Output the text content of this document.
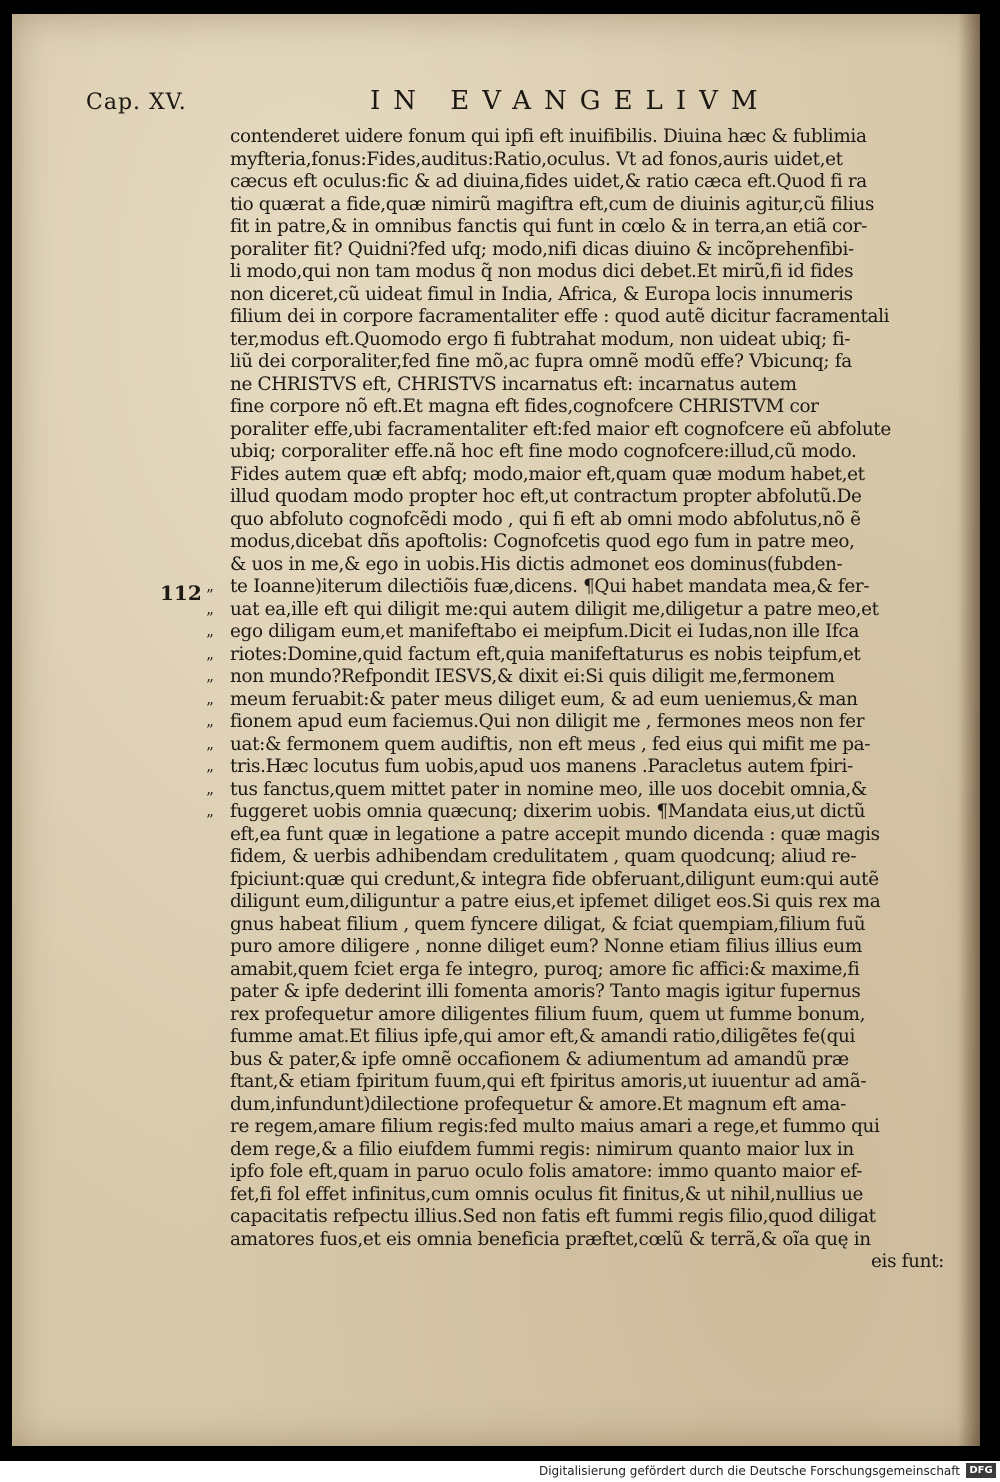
Cap. XV.	IN EVANGELIVM
112 ”
”
”
”
”
”
”
”
”
”
”
contenderet uidere fonum qui ipfi eft inuifibilis. Diuina hæc & fublimia
myfteria,fonus:Fides,auditus:Ratio,oculus. Vt ad fonos,auris uidet,et
cæcus eft oculus:fic & ad diuina,fides uidet,& ratio cæca eft.Quod fi ra
tio quærat a fide,quæ nimirũ magiftra eft,cum de diuinis agitur,cũ filius
fit in patre,& in omnibus fanctis qui funt in cœlo & in terra,an etiã cor-
poraliter fit? Quidni?fed ufq; modo,nifi dicas diuino & incõprehenfibi-
li modo,qui non tam modus q̃ non modus dici debet.Et mirũ,fi id fides
non diceret,cũ uideat fimul in India, Africa, & Europa locis innumeris
filium dei in corpore facramentaliter effe : quod autẽ dicitur facramentali
ter,modus eft.Quomodo ergo fi fubtrahat modum, non uideat ubiq; fi-
liũ dei corporaliter,fed fine mõ,ac fupra omnẽ modũ effe? Vbicunq; fa
ne CHRISTVS eft, CHRISTVS incarnatus eft: incarnatus autem
fine corpore nõ eft.Et magna eft fides,cognofcere CHRISTVM cor
poraliter effe,ubi facramentaliter eft:fed maior eft cognofcere eũ abfolute
ubiq; corporaliter effe.nã hoc eft fine modo cognofcere:illud,cũ modo.
Fides autem quæ eft abfq; modo,maior eft,quam quæ modum habet,et
illud quodam modo propter hoc eft,ut contractum propter abfolutũ.De
quo abfoluto cognofcẽdi modo , qui fi eft ab omni modo abfolutus,nõ ẽ
modus,dicebat dñs apoftolis: Cognofcetis quod ego fum in patre meo,
& uos in me,& ego in uobis.His dictis admonet eos dominus(fubden-
te Ioanne)iterum dilectiõis fuæ,dicens. ¶Qui habet mandata mea,& fer-
uat ea,ille eft qui diligit me:qui autem diligit me,diligetur a patre meo,et
ego diligam eum,et manifeftabo ei meipfum.Dicit ei Iudas,non ille Ifca
riotes:Domine,quid factum eft,quia manifeftaturus es nobis teipfum,et
non mundo?Refpondit IESVS,& dixit ei:Si quis diligit me,fermonem
meum feruabit:& pater meus diliget eum, & ad eum ueniemus,& man
fionem apud eum faciemus.Qui non diligit me , fermones meos non fer
uat:& fermonem quem audiftis, non eft meus , fed eius qui mifit me pa-
tris.Hæc locutus fum uobis,apud uos manens .Paracletus autem fpiri-
tus fanctus,quem mittet pater in nomine meo, ille uos docebit omnia,&
fuggeret uobis omnia quæcunq; dixerim uobis. ¶Mandata eius,ut dictũ
eft,ea funt quæ in legatione a patre accepit mundo dicenda : quæ magis
fidem, & uerbis adhibendam credulitatem , quam quodcunq; aliud re-
fpiciunt:quæ qui credunt,& integra fide obferuant,diligunt eum:qui autẽ
diligunt eum,diliguntur a patre eius,et ipfemet diliget eos.Si quis rex ma
gnus habeat filium , quem fyncere diligat, & fciat quempiam,filium fuũ
puro amore diligere , nonne diliget eum? Nonne etiam filius illius eum
amabit,quem fciet erga fe integro, puroq; amore fic affici:& maxime,fi
pater & ipfe dederint illi fomenta amoris? Tanto magis igitur fupernus
rex profequetur amore diligentes filium fuum, quem ut fumme bonum,
fumme amat.Et filius ipfe,qui amor eft,& amandi ratio,diligẽtes fe(qui
bus & pater,& ipfe omnẽ occafionem & adiumentum ad amandũ præ
ftant,& etiam fpiritum fuum,qui eft fpiritus amoris,ut iuuentur ad amã-
dum,infundunt)dilectione profequetur & amore.Et magnum eft ama-
re regem,amare filium regis:fed multo maius amari a rege,et fummo qui
dem rege,& a filio eiufdem fummi regis: nimirum quanto maior lux in
ipfo fole eft,quam in paruo oculo folis amatore: immo quanto maior ef-
fet,fi fol effet infinitus,cum omnis oculus fit finitus,& ut nihil,nullius ue
capacitatis refpectu illius.Sed non fatis eft fummi regis filio,quod diligat
amatores fuos,et eis omnia beneficia præftet,cœlũ & terrã,& oĩa quę in
eis funt:
Digitalisierung gefördert durch die Deutsche Forschungsgemeinschaft DFG
